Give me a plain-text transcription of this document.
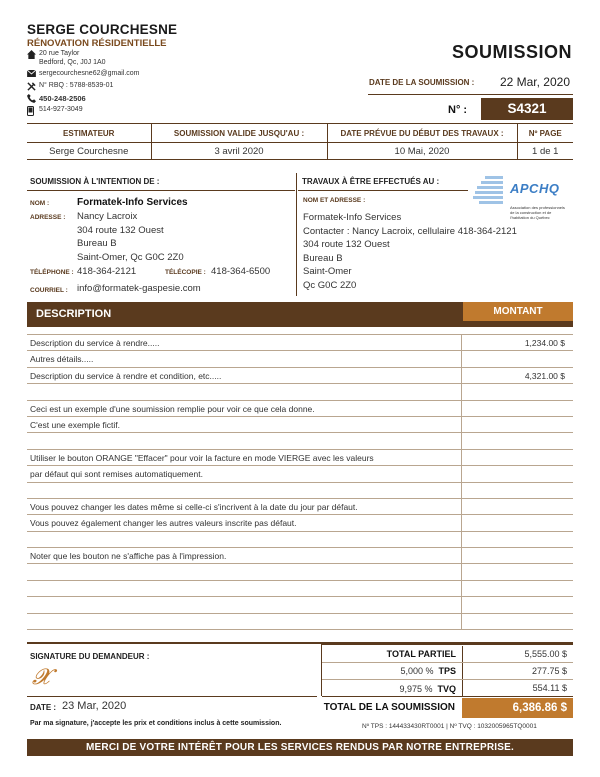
SERGE COURCHESNE
RÉNOVATION RÉSIDENTIELLE
20 rue Taylor
Bedford, Qc, J0J 1A0
sergecourchesne62@gmail.com
N° RBQ : 5788-8539-01
450-248-2506
514-927-3049
SOUMISSION
DATE DE LA SOUMISSION : 22 Mar, 2020
N° :	S4321
ESTIMATEUR	SOUMISSION VALIDE JUSQU'AU :	DATE PRÉVUE DU DÉBUT DES TRAVAUX :	Nº PAGE
Serge Courchesne	3 avril 2020	10 Mai, 2020	1 de 1
SOUMISSION À L'INTENTION DE :
NOM :	Formatek-Info Services
ADRESSE : Nancy Lacroix
304 route 132 Ouest
Bureau B
Saint-Omer, Qc G0C 2Z0
TÉLÉPHONE : 418-364-2121	TÉLÉCOPIE : 418-364-6500
COURRIEL : info@formatek-gaspesie.com
TRAVAUX À ÊTRE EFFECTUÉS AU :
NOM ET ADRESSE :
Formatek-Info Services
Contacter : Nancy Lacroix, cellulaire 418-364-2121
304 route 132 Ouest
Bureau B
Saint-Omer
Qc G0C 2Z0
APCHQ
Association des professionnels
de la construction et de
l'habitation du Québec
DESCRIPTION	MONTANT
Description du service à rendre.....	1,234.00 $
Autres détails.....
Description du service à rendre et condition, etc.....	4,321.00 $
Ceci est un exemple d'une soumission remplie pour voir ce que cela donne.
C'est une exemple fictif.
Utiliser le bouton ORANGE "Effacer" pour voir la facture en mode VIERGE avec les valeurs
par défaut qui sont remises automatiquement.
Vous pouvez changer les dates même si celle-ci s'incrivent à la date du jour par défaut.
Vous pouvez également changer les autres valeurs inscrite pas défaut.
Noter que les bouton ne s'affiche pas à l'impression.
SIGNATURE DU DEMANDEUR :
𝓧
DATE : 23 Mar, 2020
Par ma signature, j'accepte les prix et conditions inclus à cette soumission.
TOTAL PARTIEL	5,555.00 $
5,000 % TPS	277.75 $
9,975 % TVQ	554.11 $
TOTAL DE LA SOUMISSION	6,386.86 $
Nº TPS : 144433430RT0001 | Nº TVQ : 1032005965TQ0001
MERCI DE VOTRE INTÉRÊT POUR LES SERVICES RENDUS PAR NOTRE ENTREPRISE.
